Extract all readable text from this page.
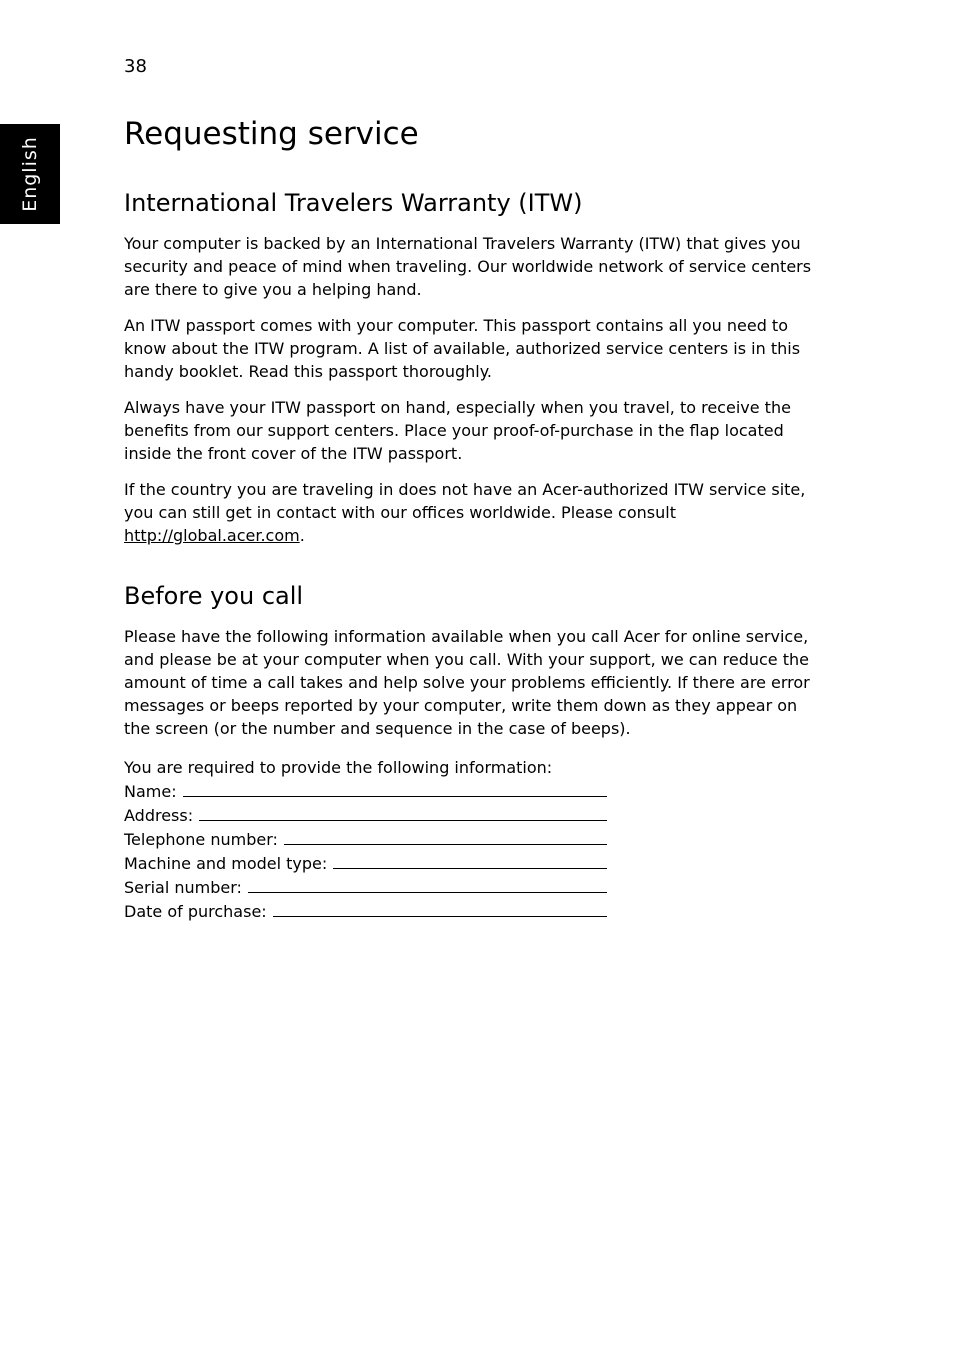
38
English
Requesting service
International Travelers Warranty (ITW)

Your computer is backed by an International Travelers Warranty (ITW) that gives you security and peace of mind when traveling. Our worldwide network of service centers are there to give you a helping hand.

An ITW passport comes with your computer. This passport contains all you need to know about the ITW program. A list of available, authorized service centers is in this handy booklet. Read this passport thoroughly.

Always have your ITW passport on hand, especially when you travel, to receive the benefits from our support centers. Place your proof-of-purchase in the flap located inside the front cover of the ITW passport.

If the country you are traveling in does not have an Acer-authorized ITW service site, you can still get in contact with our offices worldwide. Please consult http://global.acer.com.

Before you call

Please have the following information available when you call Acer for online service, and please be at your computer when you call. With your support, we can reduce the amount of time a call takes and help solve your problems efficiently. If there are error messages or beeps reported by your computer, write them down as they appear on the screen (or the number and sequence in the case of beeps).

You are required to provide the following information:
Name:
Address:
Telephone number:
Machine and model type:
Serial number:
Date of purchase:
